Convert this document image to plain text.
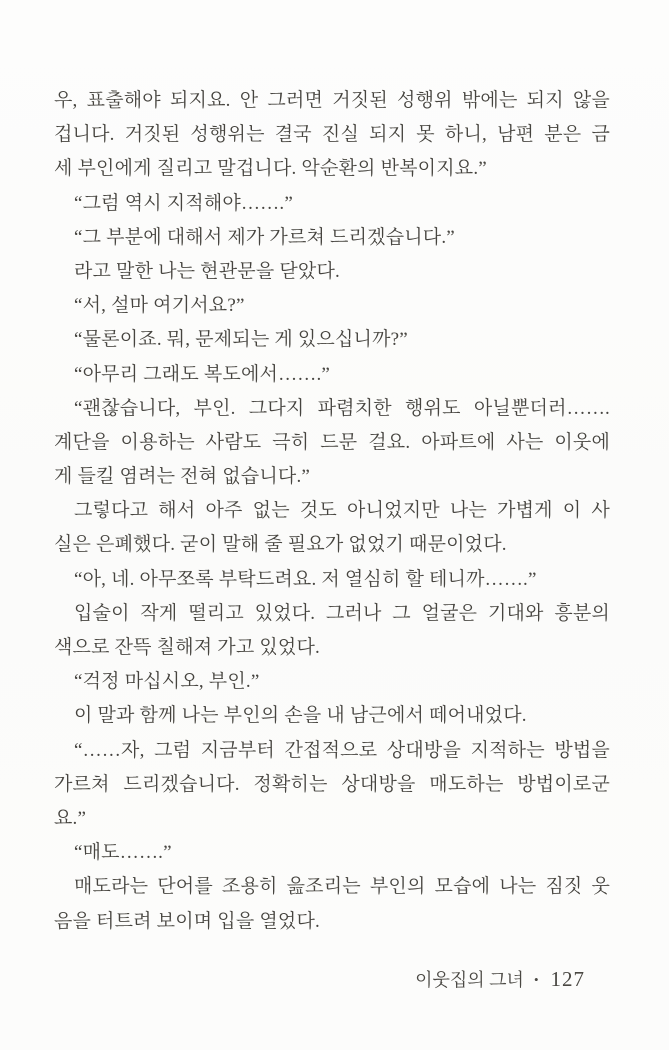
우, 표출해야 되지요. 안 그러면 거짓된 성행위 밖에는 되지 않을
겁니다. 거짓된 성행위는 결국 진실 되지 못 하니, 남편 분은 금
세 부인에게 질리고 말겁니다. 악순환의 반복이지요.”
“그럼 역시 지적해야…….”
“그 부분에 대해서 제가 가르쳐 드리겠습니다.”
라고 말한 나는 현관문을 닫았다.
“서, 설마 여기서요?”
“물론이죠. 뭐, 문제되는 게 있으십니까?”
“아무리 그래도 복도에서…….”
“괜찮습니다, 부인. 그다지 파렴치한 행위도 아닐뿐더러…….
계단을 이용하는 사람도 극히 드문 걸요. 아파트에 사는 이웃에
게 들킬 염려는 전혀 없습니다.”
그렇다고 해서 아주 없는 것도 아니었지만 나는 가볍게 이 사
실은 은폐했다. 굳이 말해 줄 필요가 없었기 때문이었다.
“아, 네. 아무쪼록 부탁드려요. 저 열심히 할 테니까…….”
입술이 작게 떨리고 있었다. 그러나 그 얼굴은 기대와 흥분의
색으로 잔뜩 칠해져 가고 있었다.
“걱정 마십시오, 부인.”
이 말과 함께 나는 부인의 손을 내 남근에서 떼어내었다.
“……자, 그럼 지금부터 간접적으로 상대방을 지적하는 방법을
가르쳐 드리겠습니다. 정확히는 상대방을 매도하는 방법이로군
요.”
“매도…….”
매도라는 단어를 조용히 읊조리는 부인의 모습에 나는 짐짓 웃
음을 터트려 보이며 입을 열었다.
이웃집의 그녀 • 127
